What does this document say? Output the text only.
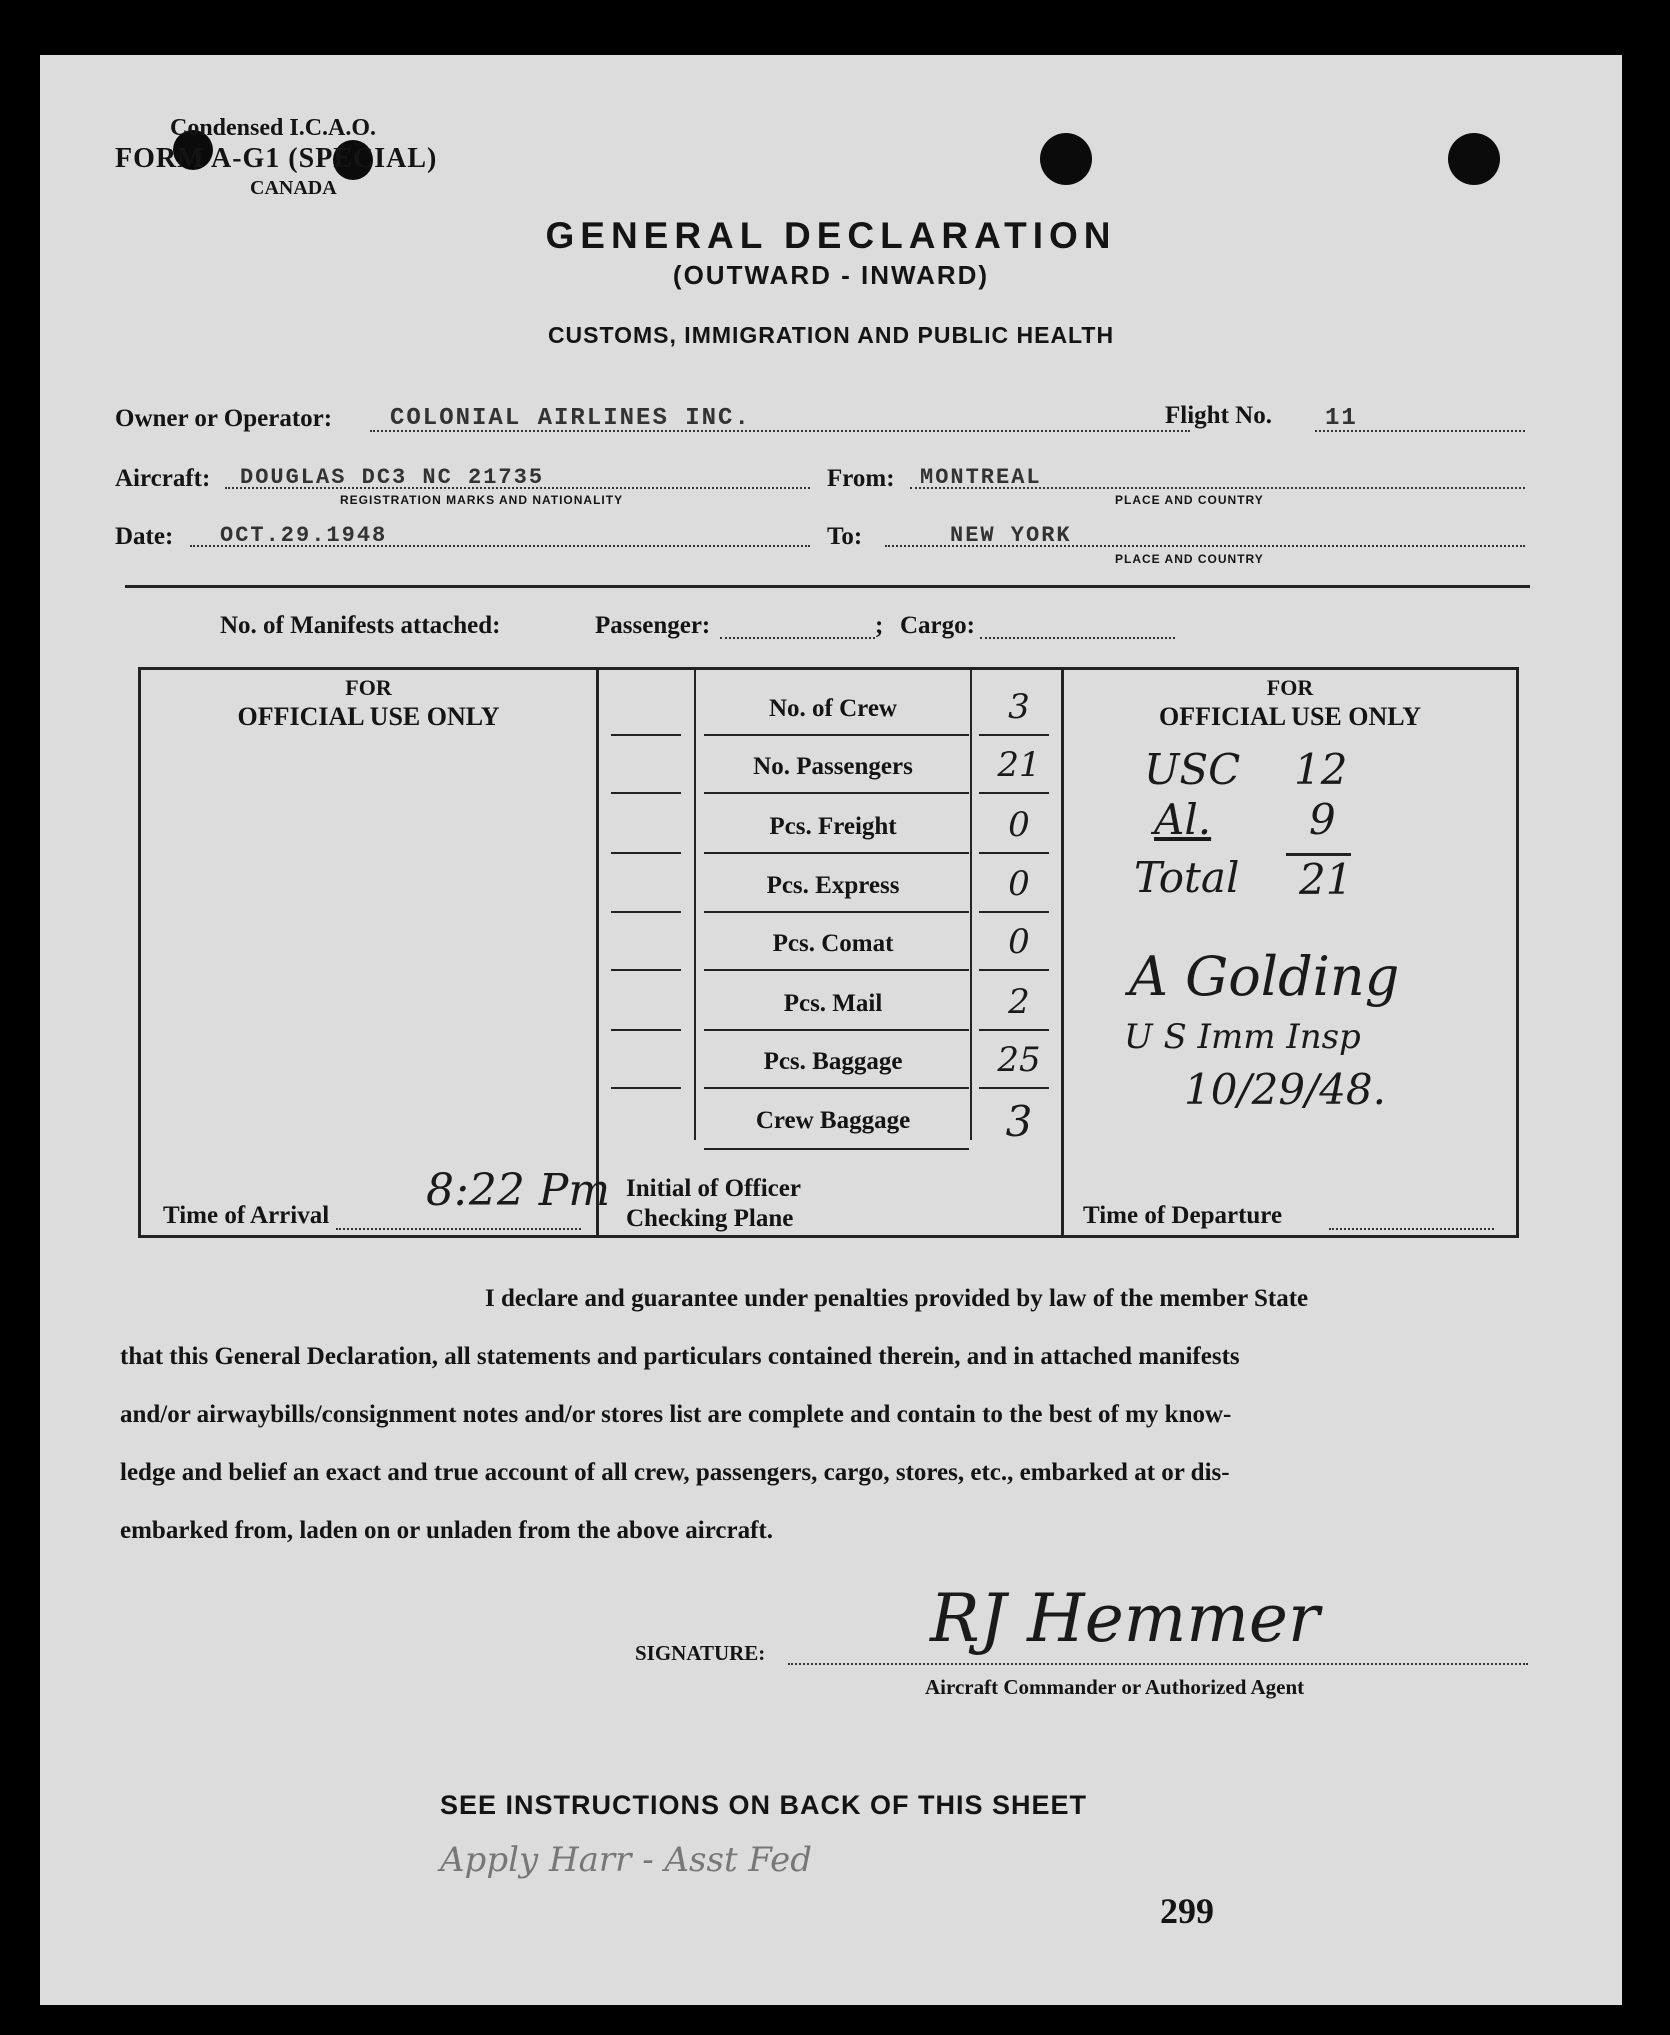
Condensed I.C.A.O.
FORM A-G1 (SPECIAL)
CANADA
GENERAL DECLARATION
(OUTWARD - INWARD)
CUSTOMS, IMMIGRATION AND PUBLIC HEALTH
Owner or Operator: COLONIAL AIRLINES INC.	Flight No. 11
Aircraft: DOUGLAS DC3 NC 21735
REGISTRATION MARKS AND NATIONALITY
From: MONTREAL
PLACE AND COUNTRY
Date: OCT.29.1948	To:	NEW YORK
PLACE AND COUNTRY
No. of Manifests attached:	Passenger:	; Cargo:
FOR
OFFICIAL USE ONLY
FOR
OFFICIAL USE ONLY
No. of Crew	3
No. Passengers	21
Pcs. Freight	0
Pcs. Express	0
Pcs. Comat	0
Pcs. Mail	2
Pcs. Baggage	25
Crew Baggage	3
Time of Arrival 8:22 Pm Initial of Officer
Checking Plane	Time of Departure
USC 12
Al. 9
Total 21
A Golding
U S Imm Insp
10/29/48.
I declare and guarantee under penalties provided by law of the member State
that this General Declaration, all statements and particulars contained therein, and in attached manifests
and/or airwaybills/consignment notes and/or stores list are complete and contain to the best of my know-
ledge and belief an exact and true account of all crew, passengers, cargo, stores, etc., embarked at or dis-
embarked from, laden on or unladen from the above aircraft.
SIGNATURE: RJ Hemmer
Aircraft Commander or Authorized Agent
SEE INSTRUCTIONS ON BACK OF THIS SHEET
Apply Harr - Asst Fed
299
